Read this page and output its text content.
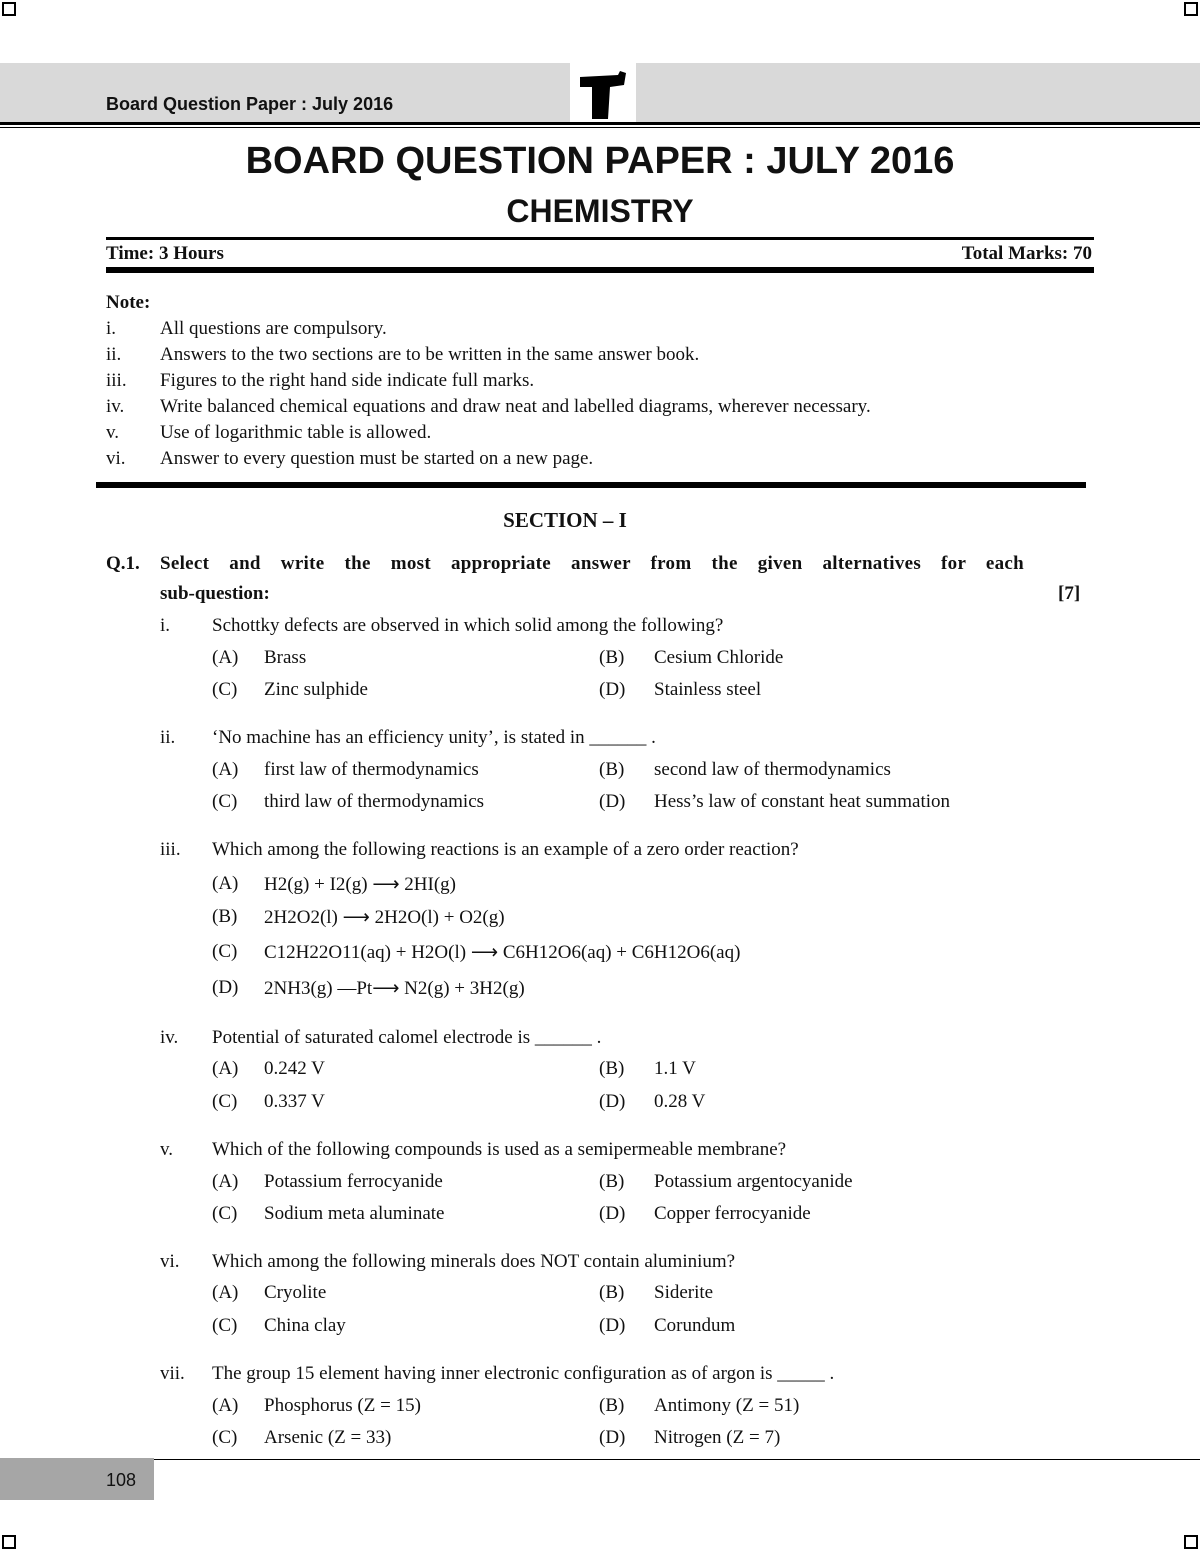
Board Question Paper : July 2016
BOARD QUESTION PAPER : JULY 2016
CHEMISTRY
Time: 3 Hours	Total Marks: 70
Note:
i. All questions are compulsory.
ii. Answers to the two sections are to be written in the same answer book.
iii. Figures to the right hand side indicate full marks.
iv. Write balanced chemical equations and draw neat and labelled diagrams, wherever necessary.
v. Use of logarithmic table is allowed.
vi. Answer to every question must be started on a new page.
SECTION – I
Q.1. Select and write the most appropriate answer from the given alternatives for each
sub-question:	[7]
i. Schottky defects are observed in which solid among the following?
(A) Brass	(B) Cesium Chloride
(C) Zinc sulphide	(D) Stainless steel
ii. ‘No machine has an efficiency unity’, is stated in ______ .
(A) first law of thermodynamics	(B) second law of thermodynamics
(C) third law of thermodynamics	(D) Hess’s law of constant heat summation
iii. Which among the following reactions is an example of a zero order reaction?
(A) H2(g) + I2(g) ⟶ 2HI(g)
(B) 2H2O2(l) ⟶ 2H2O(l) + O2(g)
(C) C12H22O11(aq) + H2O(l) ⟶ C6H12O6(aq) + C6H12O6(aq)
(D) 2NH3(g) —Pt⟶ N2(g) + 3H2(g)
iv. Potential of saturated calomel electrode is ______ .
(A) 0.242 V	(B) 1.1 V
(C) 0.337 V	(D) 0.28 V
v. Which of the following compounds is used as a semipermeable membrane?
(A) Potassium ferrocyanide	(B) Potassium argentocyanide
(C) Sodium meta aluminate	(D) Copper ferrocyanide
vi. Which among the following minerals does NOT contain aluminium?
(A) Cryolite	(B) Siderite
(C) China clay	(D) Corundum
vii. The group 15 element having inner electronic configuration as of argon is _____ .
(A) Phosphorus (Z = 15)	(B) Antimony (Z = 51)
(C) Arsenic (Z = 33)	(D) Nitrogen (Z = 7)
108
